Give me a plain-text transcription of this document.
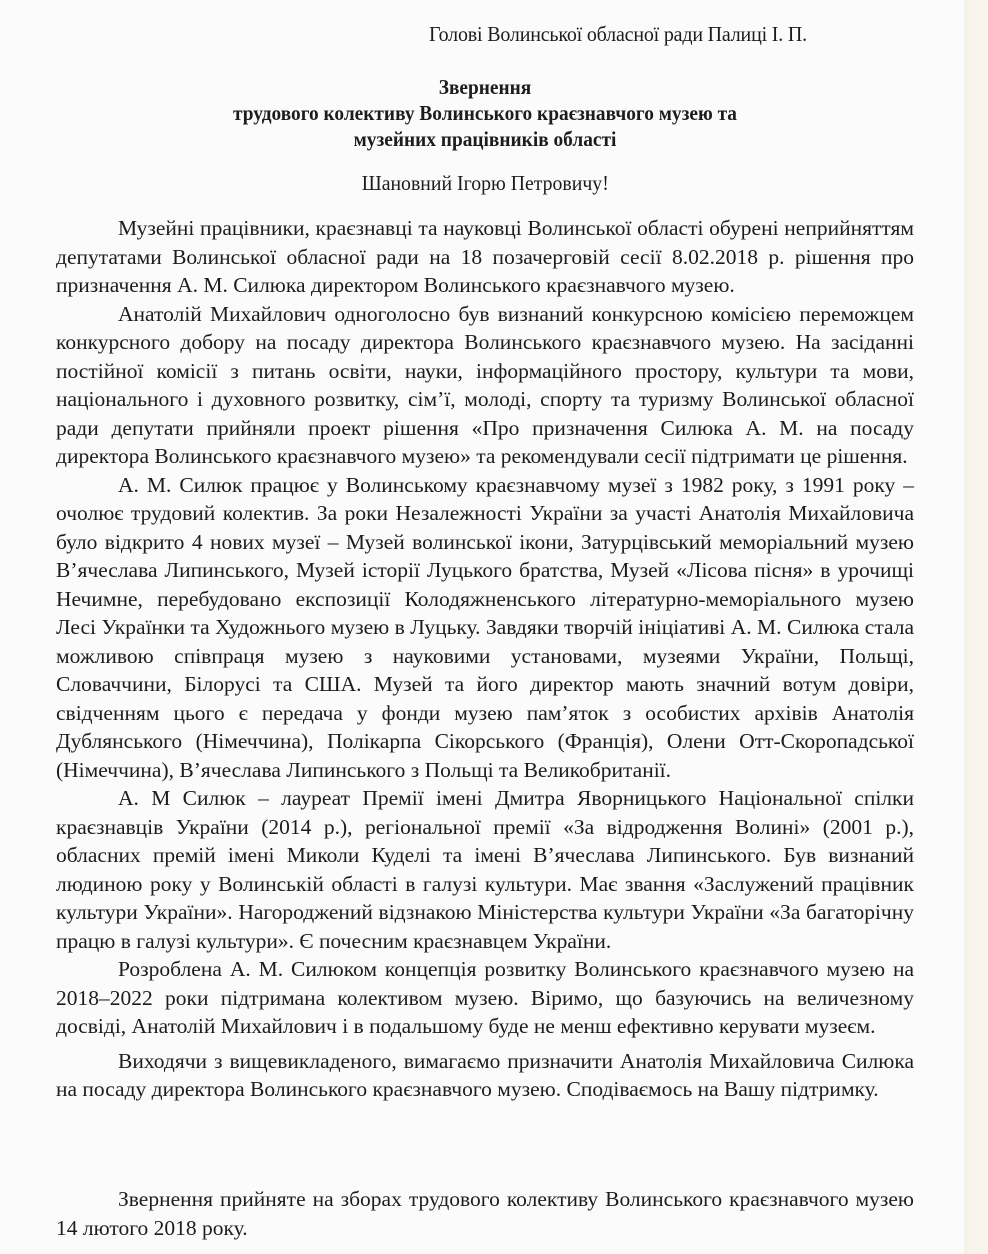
Голові Волинської обласної ради Палиці І. П.
Звернення
трудового колективу Волинського краєзнавчого музею та
музейних працівників області
Шановний Ігорю Петровичу!

Музейні працівники, краєзнавці та науковці Волинської області обурені неприйняттям депутатами Волинської обласної ради на 18 позачерговій сесії 8.02.2018 р. рішення про призначення А. М. Силюка директором Волинського краєзнавчого музею.

Анатолій Михайлович одноголосно був визнаний конкурсною комісією переможцем конкурсного добору на посаду директора Волинського краєзнавчого музею. На засіданні постійної комісії з питань освіти, науки, інформаційного простору, культури та мови, національного і духовного розвитку, сім’ї, молоді, спорту та туризму Волинської обласної ради депутати прийняли проект рішення «Про призначення Силюка А. М. на посаду директора Волинського краєзнавчого музею» та рекомендували сесії підтримати це рішення.

А. М. Силюк працює у Волинському краєзнавчому музеї з 1982 року, з 1991 року – очолює трудовий колектив. За роки Незалежності України за участі Анатолія Михайловича було відкрито 4 нових музеї – Музей волинської ікони, Затурцівський меморіальний музею В’ячеслава Липинського, Музей історії Луцького братства, Музей «Лісова пісня» в урочищі Нечимне, перебудовано експозиції Колодяжненського літературно-меморіального музею Лесі Українки та Художнього музею в Луцьку. Завдяки творчій ініціативі А. М. Силюка стала можливою співпраця музею з науковими установами, музеями України, Польщі, Словаччини, Білорусі та США. Музей та його директор мають значний вотум довіри, свідченням цього є передача у фонди музею пам’яток з особистих архівів Анатолія Дублянського (Німеччина), Полікарпа Сікорського (Франція), Олени Отт-Скоропадської (Німеччина), В’ячеслава Липинського з Польщі та Великобританії.

А. М Силюк – лауреат Премії імені Дмитра Яворницького Національної спілки краєзнавців України (2014 р.), регіональної премії «За відродження Волині» (2001 р.), обласних премій імені Миколи Куделі та імені В’ячеслава Липинського. Був визнаний людиною року у Волинській області в галузі культури. Має звання «Заслужений працівник культури України». Нагороджений відзнакою Міністерства культури України «За багаторічну працю в галузі культури». Є почесним краєзнавцем України.

Розроблена А. М. Силюком концепція розвитку Волинського краєзнавчого музею на 2018–2022 роки підтримана колективом музею. Віримо, що базуючись на величезному досвіді, Анатолій Михайлович і в подальшому буде не менш ефективно керувати музеєм.

Виходячи з вищевикладеного, вимагаємо призначити Анатолія Михайловича Силюка на посаду директора Волинського краєзнавчого музею. Сподіваємось на Вашу підтримку.

Звернення прийняте на зборах трудового колективу Волинського краєзнавчого музею 14 лютого 2018 року.
